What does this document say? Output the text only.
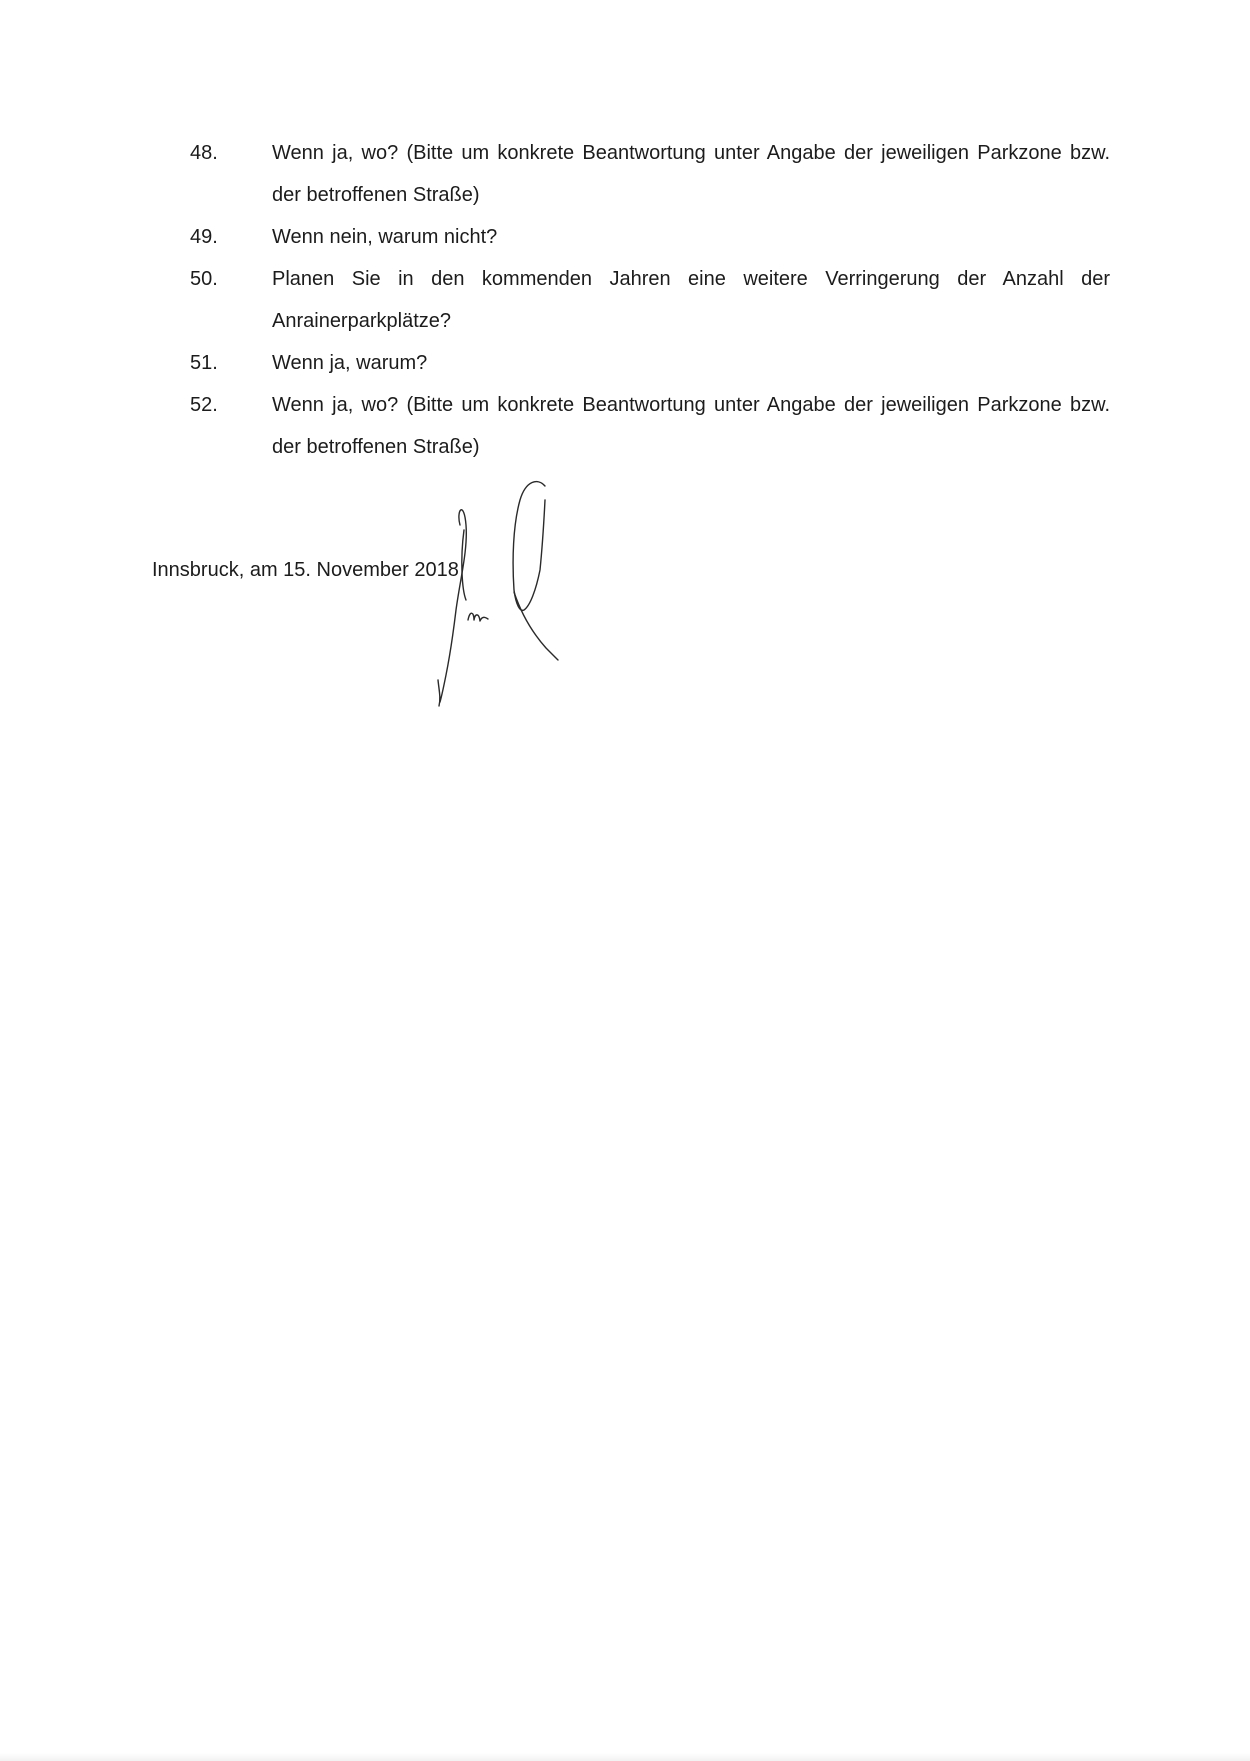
48.	Wenn ja, wo? (Bitte um konkrete Beantwortung unter Angabe der jeweiligen Parkzone bzw. der betroffenen Straße)
49.	Wenn nein, warum nicht?
50.	Planen Sie in den kommenden Jahren eine weitere Verringerung der Anzahl der Anrainerparkplätze?
51.	Wenn ja, warum?
52.	Wenn ja, wo? (Bitte um konkrete Beantwortung unter Angabe der jeweiligen Parkzone bzw. der betroffenen Straße)

Innsbruck, am 15. November 2018
